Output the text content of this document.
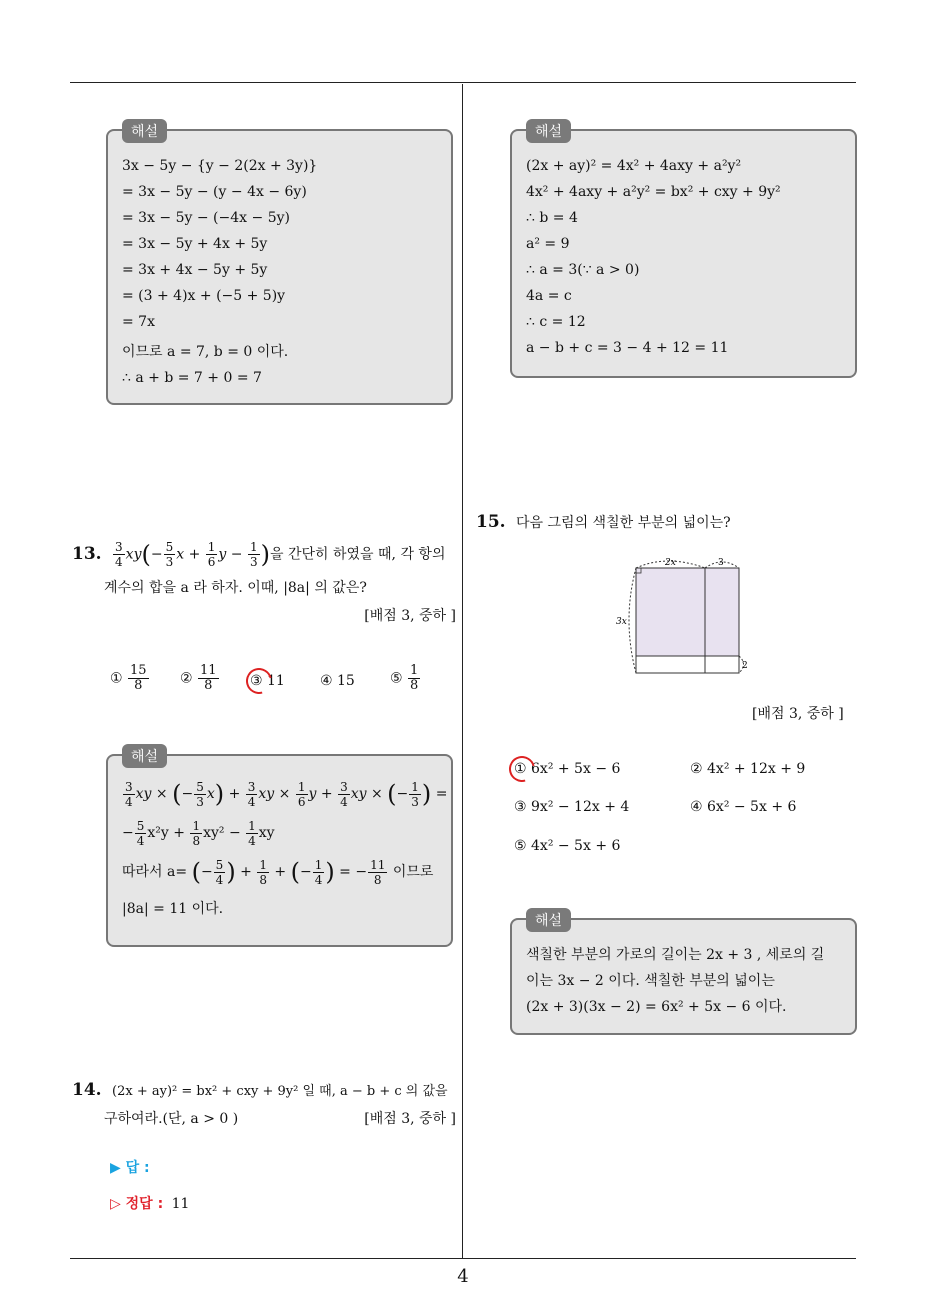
해설
3x − 5y − {y − 2(2x + 3y)}
= 3x − 5y − (y − 4x − 6y)
= 3x − 5y − (−4x − 5y)
= 3x − 5y + 4x + 5y
= 3x + 4x − 5y + 5y
= (3 + 4)x + (−5 + 5)y
= 7x
이므로 a = 7, b = 0 이다.
∴ a + b = 7 + 0 = 7
해설
(2x + ay)² = 4x² + 4axy + a²y²
4x² + 4axy + a²y² = bx² + cxy + 9y²
∴ b = 4
a² = 9
∴ a = 3(∵ a > 0)
4a = c
∴ c = 12
a − b + c = 3 − 4 + 12 = 11
13. $\frac{3}{4} xy(- \frac{5}{3}$ $x + \frac{1}{6}$ $y - \frac{1}{3}$ )을 간단히 하였을 때, 각 항의
계수의 합을 a 라 하자. 이때, |8a| 의 값은?
[배점 3, 중하 ]
① $\frac{15}{8}$ ② $\frac{11}{8}$ ③ 11	④ 15	⑤ $\frac{1}{8}$
해설
$\frac{3}{4}$ xy × (− $\frac{5}{3} x) + \frac{3}{4}$ xy × $\frac{1}{6}$ $y + \frac{3}{4}$ xy × (− $\frac{1}{3}$ ) =
− $\frac{5}{4} x^2y + \frac{1}{8} xy^2 - \frac{1}{4}$ xy
따라서 a= (− $\frac{5}{4}$ ) + $\frac{1}{8}$ + (− $\frac{1}{4}$ ) = − $\frac{11}{8}$ 이므로
|8a| = 11 이다.
14. (2x + ay)² = bx² + cxy + 9y² 일 때, a − b + c 의 값을
구하여라.(단, a > 0 )	[배점 3, 중하 ]
▶ 답 :
▷ 정답 : 11
15. 다음 그림의 색칠한 부분의 넓이는?
2x	3
3x
2
[배점 3, 중하 ]
① 6x² + 5x − 6	② 4x² + 12x + 9
③ 9x² − 12x + 4	④ 6x² − 5x + 6
⑤ 4x² − 5x + 6
해설
색칠한 부분의 가로의 길이는 2x + 3 , 세로의 길
이는 3x − 2 이다. 색칠한 부분의 넓이는
(2x + 3)(3x − 2) = 6x² + 5x − 6 이다.
4
